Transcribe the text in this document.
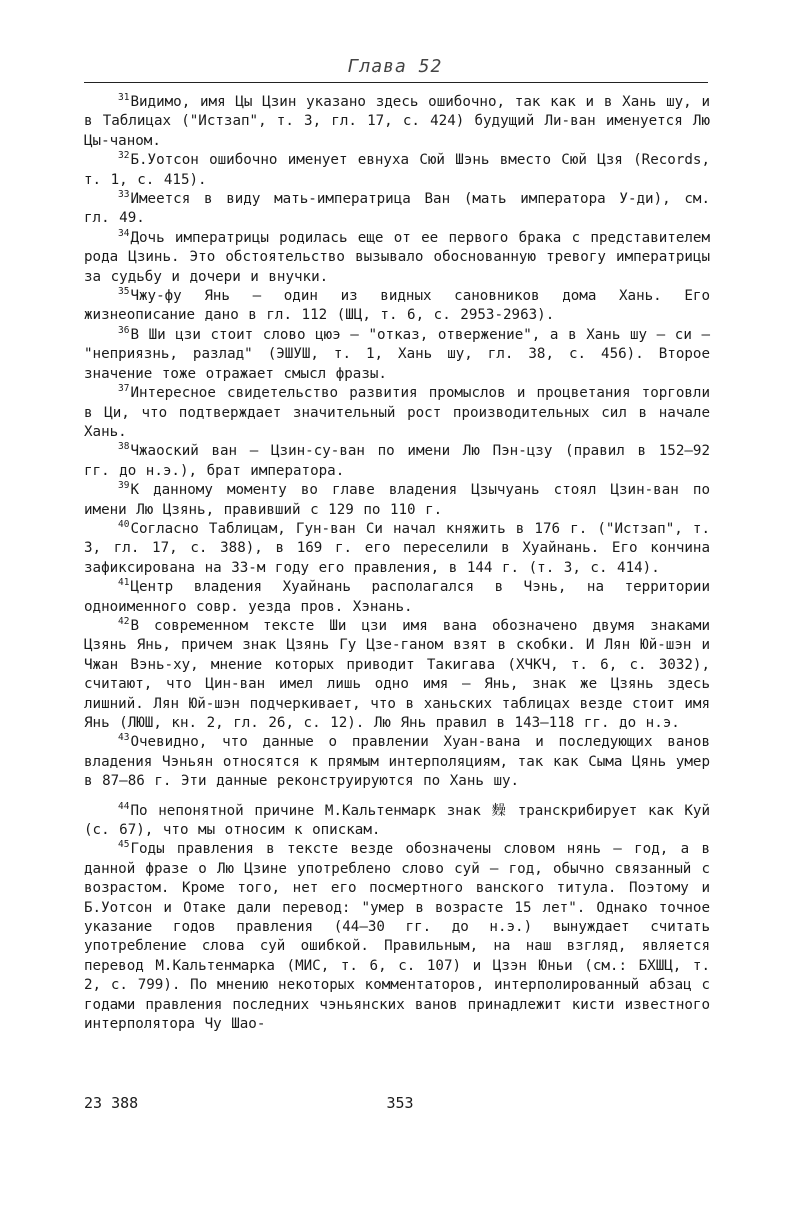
Глава 52

$^{31}$Видимо, имя Цы Цзин указано здесь ошибочно, так как и в Хань шу, и в Таблицах ("Истзап", т. 3, гл. 17, с. 424) будущий Ли-ван именуется Лю Цы-чаном.

$^{32}$Б.Уотсон ошибочно именует евнуха Сюй Шэнь вместо Сюй Цзя (Records, т. 1, с. 415).

$^{33}$Имеется в виду мать-императрица Ван (мать императора У-ди), см. гл. 49.

$^{34}$Дочь императрицы родилась еще от ее первого брака с представителем рода Цзинь. Это обстоятельство вызывало обоснованную тревогу императрицы за судьбу и дочери и внучки.

$^{35}$Чжу-фу Янь — один из видных сановников дома Хань. Его жизнеописание дано в гл. 112 (ШЦ, т. 6, с. 2953-2963).

$^{36}$В Ши цзи стоит слово цюэ — "отказ, отвержение", а в Хань шу — си — "неприязнь, разлад" (ЭШУШ, т. 1, Хань шу, гл. 38, с. 456). Второе значение тоже отражает смысл фразы.

$^{37}$Интересное свидетельство развития промыслов и процветания торговли в Ци, что подтверждает значительный рост производительных сил в начале Хань.

$^{38}$Чжаоский ван — Цзин-су-ван по имени Лю Пэн-цзу (правил в 152–92 гг. до н.э.), брат императора.

$^{39}$К данному моменту во главе владения Цзычуань стоял Цзин-ван по имени Лю Цзянь, правивший с 129 по 110 г.

$^{40}$Согласно Таблицам, Гун-ван Си начал княжить в 176 г. ("Истзап", т. 3, гл. 17, с. 388), в 169 г. его переселили в Хуайнань. Его кончина зафиксирована на 33-м году его правления, в 144 г. (т. 3, с. 414).

$^{41}$Центр владения Хуайнань располагался в Чэнь, на территории одноименного совр. уезда пров. Хэнань.

$^{42}$В современном тексте Ши цзи имя вана обозначено двумя знаками Цзянь Янь, причем знак Цзянь Гу Цзе-ганом взят в скобки. И Лян Юй-шэн и Чжан Вэнь-ху, мнение которых приводит Такигава (ХЧКЧ, т. 6, с. 3032), считают, что Цин-ван имел лишь одно имя — Янь, знак же Цзянь здесь лишний. Лян Юй-шэн подчеркивает, что в ханьских таблицах везде стоит имя Янь (ЛЮШ, кн. 2, гл. 26, с. 12). Лю Янь правил в 143–118 гг. до н.э.

$^{43}$Очевидно, что данные о правлении Хуан-вана и последующих ванов владения Чэньян относятся к прямым интерполяциям, так как Сыма Цянь умер в 87–86 г. Эти данные реконструируются по Хань шу.

$^{44}$По непонятной причине М.Кальтенмарк знак 𪍽 транскрибирует как Куй (с. 67), что мы относим к опискам.

$^{45}$Годы правления в тексте везде обозначены словом нянь — год, а в данной фразе о Лю Цзине употреблено слово суй — год, обычно связанный с возрастом. Кроме того, нет его посмертного ванского титула. Поэтому и Б.Уотсон и Отаке дали перевод: "умер в возрасте 15 лет". Однако точное указание годов правления (44–30 гг. до н.э.) вынуждает считать употребление слова суй ошибкой. Правильным, на наш взгляд, является перевод М.Кальтенмарка (МИС, т. 6, с. 107) и Цзэн Юньи (см.: БХШЦ, т. 2, с. 799). По мнению некоторых комментаторов, интерполированный абзац с годами правления последних чэньянских ванов принадлежит кисти известного интерполятора Чу Шао-

23 388	353
